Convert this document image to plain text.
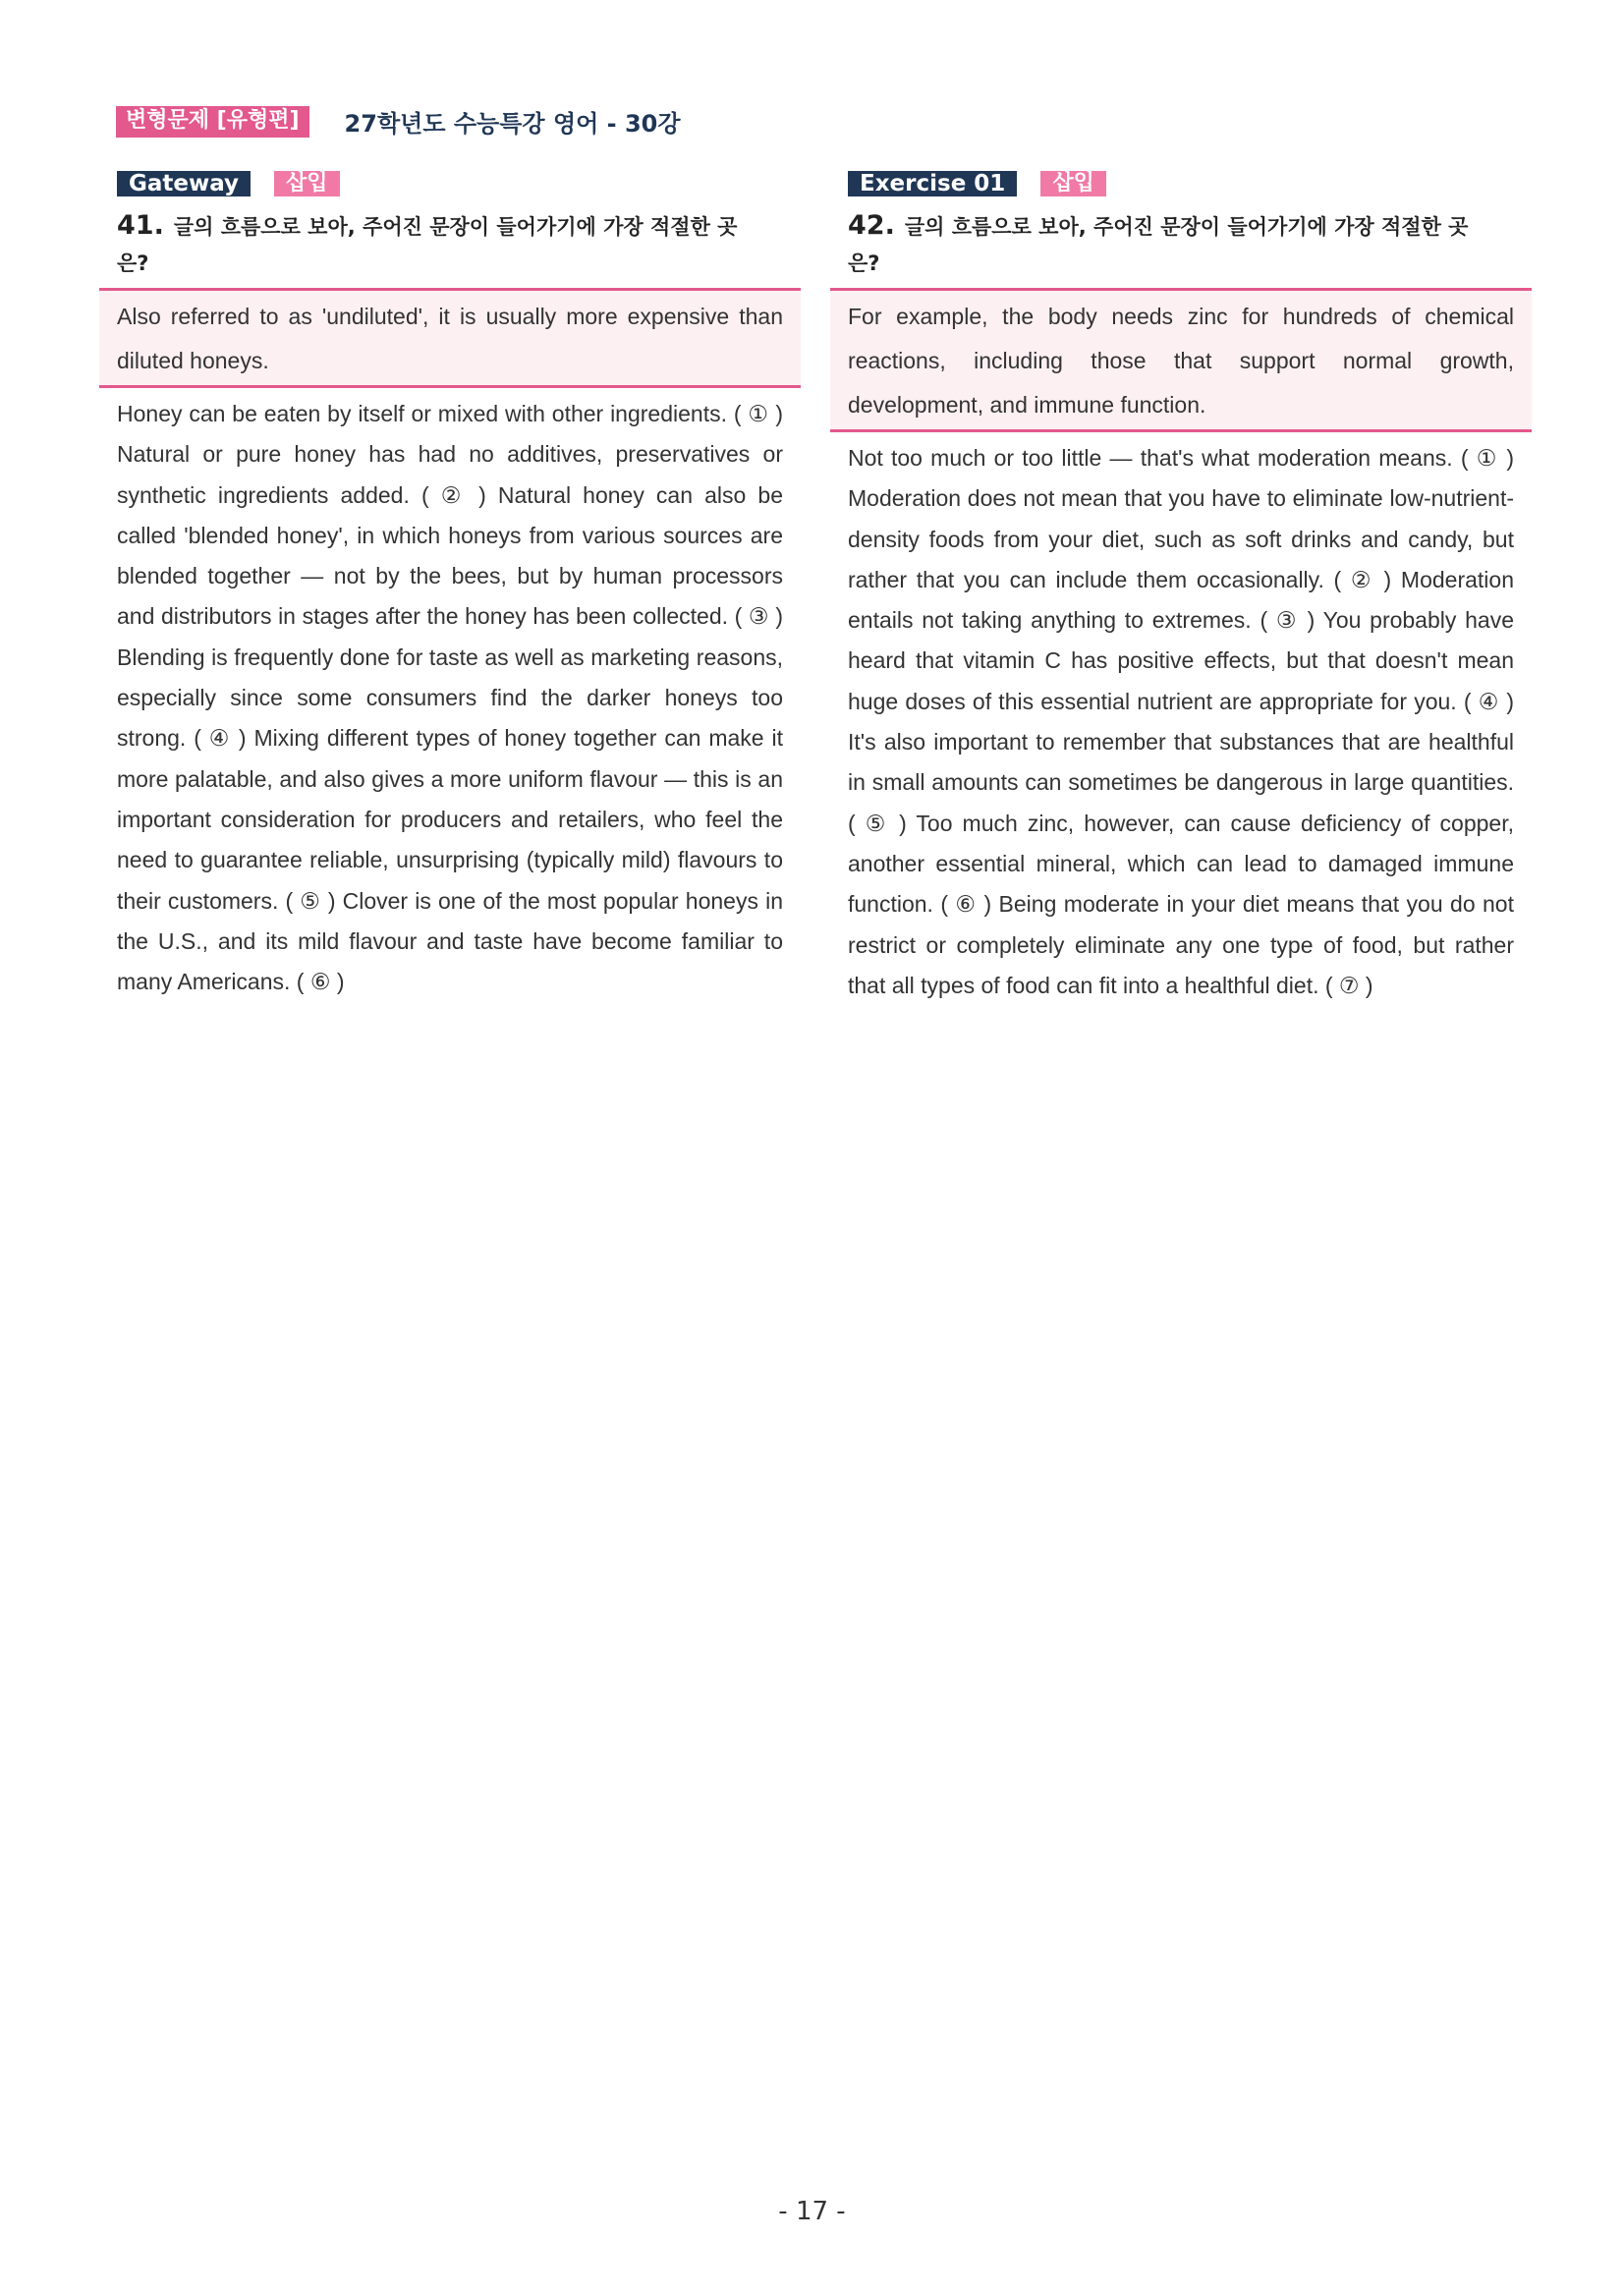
변형문제 [유형편]	27학년도 수능특강 영어 - 30강
Gateway	삽입
41. 글의 흐름으로 보아, 주어진 문장이 들어가기에 가장 적절한 곳은?
Also referred to as 'undiluted', it is usually more expensive than diluted honeys.
Honey can be eaten by itself or mixed with other ingredients. ( ① ) Natural or pure honey has had no additives, preservatives or synthetic ingredients added. ( ② ) Natural honey can also be called 'blended honey', in which honeys from various sources are blended together — not by the bees, but by human processors and distributors in stages after the honey has been collected. ( ③ ) Blending is frequently done for taste as well as marketing reasons, especially since some consumers find the darker honeys too strong. ( ④ ) Mixing different types of honey together can make it more palatable, and also gives a more uniform flavour — this is an important consideration for producers and retailers, who feel the need to guarantee reliable, unsurprising (typically mild) flavours to their customers. ( ⑤ ) Clover is one of the most popular honeys in the U.S., and its mild flavour and taste have become familiar to many Americans. ( ⑥ )
Exercise 01	삽입
42. 글의 흐름으로 보아, 주어진 문장이 들어가기에 가장 적절한 곳은?
For example, the body needs zinc for hundreds of chemical reactions, including those that support normal growth, development, and immune function.
Not too much or too little — that's what moderation means. ( ① ) Moderation does not mean that you have to eliminate low-nutrient-density foods from your diet, such as soft drinks and candy, but rather that you can include them occasionally. ( ② ) Moderation entails not taking anything to extremes. ( ③ ) You probably have heard that vitamin C has positive effects, but that doesn't mean huge doses of this essential nutrient are appropriate for you. ( ④ ) It's also important to remember that substances that are healthful in small amounts can sometimes be dangerous in large quantities. ( ⑤ ) Too much zinc, however, can cause deficiency of copper, another essential mineral, which can lead to damaged immune function. ( ⑥ ) Being moderate in your diet means that you do not restrict or completely eliminate any one type of food, but rather that all types of food can fit into a healthful diet. ( ⑦ )
- 17 -
